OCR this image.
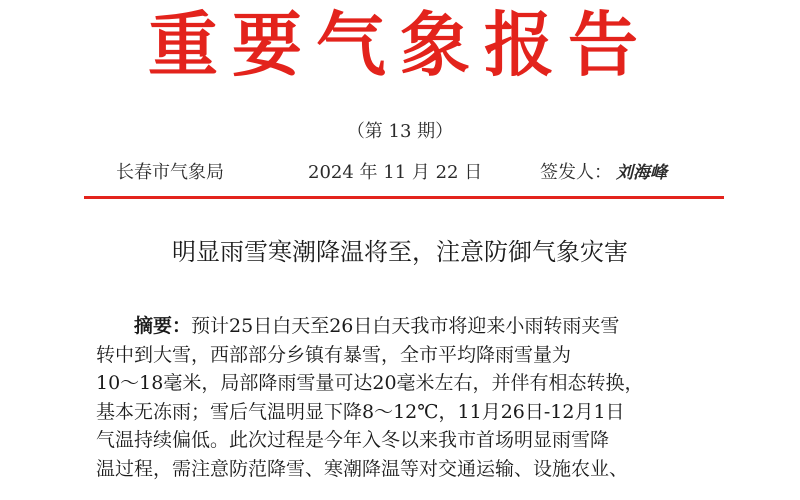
重要气象报告
（第 13 期）
长春市气象局	2024 年 11 月 22 日	签发人： 刘海峰
明显雨雪寒潮降温将至，注意防御气象灾害
摘要：预计25日白天至26日白天我市将迎来小雨转雨夹雪
转中到大雪，西部部分乡镇有暴雪，全市平均降雨雪量为
10～18毫米，局部降雨雪量可达20毫米左右，并伴有相态转换，
基本无冻雨；雪后气温明显下降8～12℃，11月26日-12月1日
气温持续偏低。此次过程是今年入冬以来我市首场明显雨雪降
温过程，需注意防范降雪、寒潮降温等对交通运输、设施农业、
